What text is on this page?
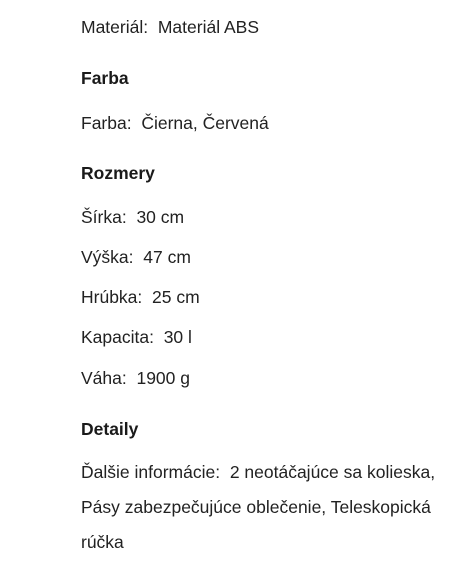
Materiál: Materiál ABS
Farba
Farba: Čierna, Červená
Rozmery
Šírka: 30 cm
Výška: 47 cm
Hrúbka: 25 cm
Kapacita: 30 l
Váha: 1900 g
Detaily
Ďalšie informácie: 2 neotáčajúce sa kolieska, Pásy zabezpečujúce oblečenie, Teleskopická rúčka
